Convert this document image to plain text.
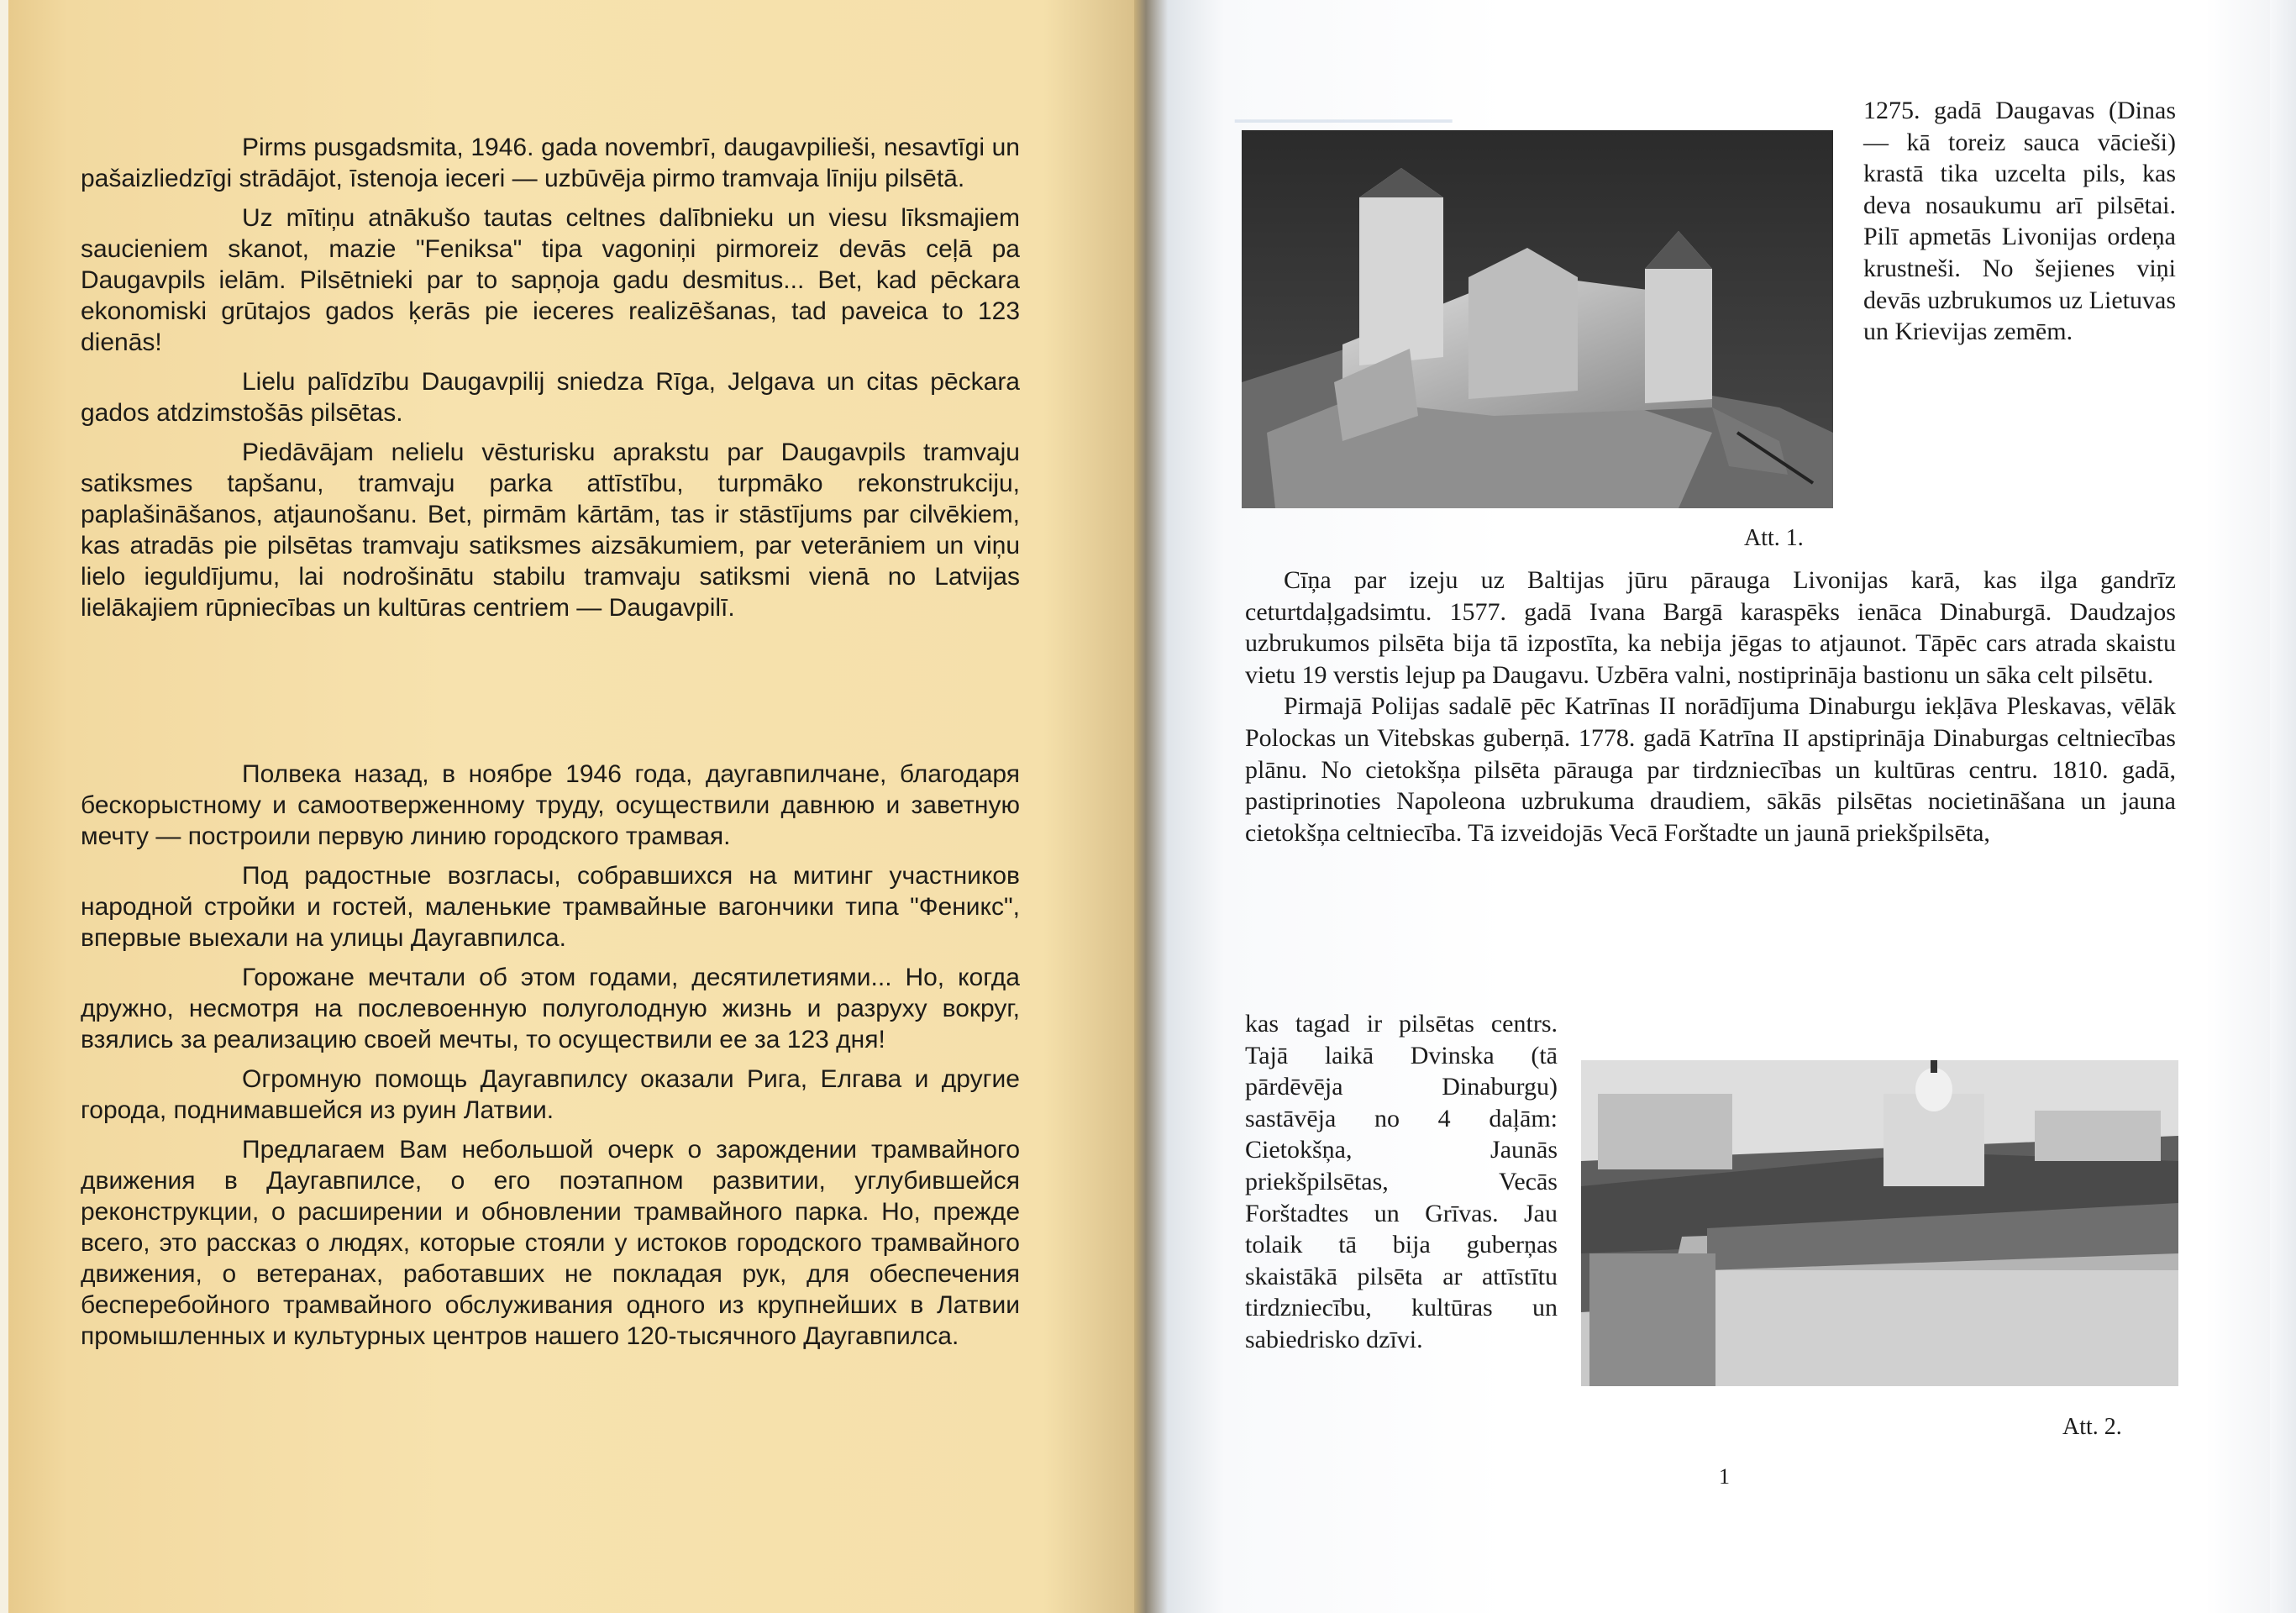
▁▁▁▁▁▁▁▁▁▁▁▁▁▁

Pirms pusgadsmita, 1946. gada novembrī, daugavpilieši, nesavtīgi un pašaizliedzīgi strādājot, īstenoja ieceri — uzbūvēja pirmo tramvaja līniju pilsētā.

Uz mītiņu atnākušo tautas celtnes dalībnieku un viesu līksmajiem saucieniem skanot, mazie "Feniksa" tipa vagoniņi pirmoreiz devās ceļā pa Daugavpils ielām. Pilsētnieki par to sapņoja gadu desmitus... Bet, kad pēckara ekonomiski grūtajos gados ķerās pie ieceres realizēšanas, tad paveica to 123 dienās!

Lielu palīdzību Daugavpilij sniedza Rīga, Jelgava un citas pēckara gados atdzimstošās pilsētas.

Piedāvājam nelielu vēsturisku aprakstu par Daugavpils tramvaju satiksmes tapšanu, tramvaju parka attīstību, turpmāko rekonstrukciju, paplašināšanos, atjaunošanu. Bet, pirmām kārtām, tas ir stāstījums par cilvēkiem, kas atradās pie pilsētas tramvaju satiksmes aizsākumiem, par veterāniem un viņu lielo ieguldījumu, lai nodrošinātu stabilu tramvaju satiksmi vienā no Latvijas lielākajiem rūpniecības un kultūras centriem — Daugavpilī.

Полвека назад, в ноябре 1946 года, даугавпилчане, благодаря бескорыстному и самоотверженному труду, осуществили давнюю и заветную мечту — построили первую линию городского трамвая.

Под радостные возгласы, собравшихся на митинг участников народной стройки и гостей, маленькие трамвайные вагончики типа "Феникс", впервые выехали на улицы Даугавпилса.

Горожане мечтали об этом годами, десятилетиями... Но, когда дружно, несмотря на послевоенную полуголодную жизнь и разруху вокруг, взялись за реализацию своей мечты, то осуществили ее за 123 дня!

Огромную помощь Даугавпилсу оказали Рига, Елгава и другие города, поднимавшейся из руин Латвии.

Предлагаем Вам небольшой очерк о зарождении трамвайного движения в Даугавпилсе, о его поэтапном развитии, углубившейся реконструкции, о расширении и обновлении трамвайного парка. Но, прежде всего, это рассказ о людях, которые стояли у истоков городского трамвайного движения, о ветеранах, работавших не покладая рук, для обеспечения бесперебойного трамвайного обслуживания одного из крупнейших в Латвии промышленных и культурных центров нашего 120-тысячного Даугавпилса.

Att. 1.

1275. gadā Daugavas (Dinas — kā toreiz sauca vācieši) krastā tika uzcelta pils, kas deva nosaukumu arī pilsētai. Pilī apmetās Livonijas ordeņa krustneši. No šejienes viņi devās uzbrukumos uz Lietuvas un Krievijas zemēm.

Cīņa par izeju uz Baltijas jūru pārauga Livonijas karā, kas ilga gandrīz ceturtdaļgadsimtu. 1577. gadā Ivana Bargā karaspēks ienāca Dinaburgā. Daudzajos uzbrukumos pilsēta bija tā izpostīta, ka nebija jēgas to atjaunot. Tāpēc cars atrada skaistu vietu 19 verstis lejup pa Daugavu. Uzbēra valni, nostiprināja bastionu un sāka celt pilsētu.

Pirmajā Polijas sadalē pēc Katrīnas II norādījuma Dinaburgu iekļāva Pleskavas, vēlāk Polockas un Vitebskas guberņā. 1778. gadā Katrīna II apstiprināja Dinaburgas celtniecības plānu. No cietokšņa pilsēta pārauga par tirdzniecības un kultūras centru. 1810. gadā, pastiprinoties Napoleona uzbrukuma draudiem, sākās pilsētas nocietināšana un jauna cietokšņa celtniecība. Tā izveidojās Vecā Forštadte un jaunā priekšpilsēta,

kas tagad ir pilsētas centrs. Tajā laikā Dvinska (tā pārdēvēja Dinaburgu) sastāvēja no 4 daļām: Cietokšņa, Jaunās priekšpilsētas, Vecās Forštadtes un Grīvas. Jau tolaik tā bija guberņas skaistākā pilsēta ar attīstītu tirdzniecību, kultūras un sabiedrisko dzīvi.

Att. 2.
1
